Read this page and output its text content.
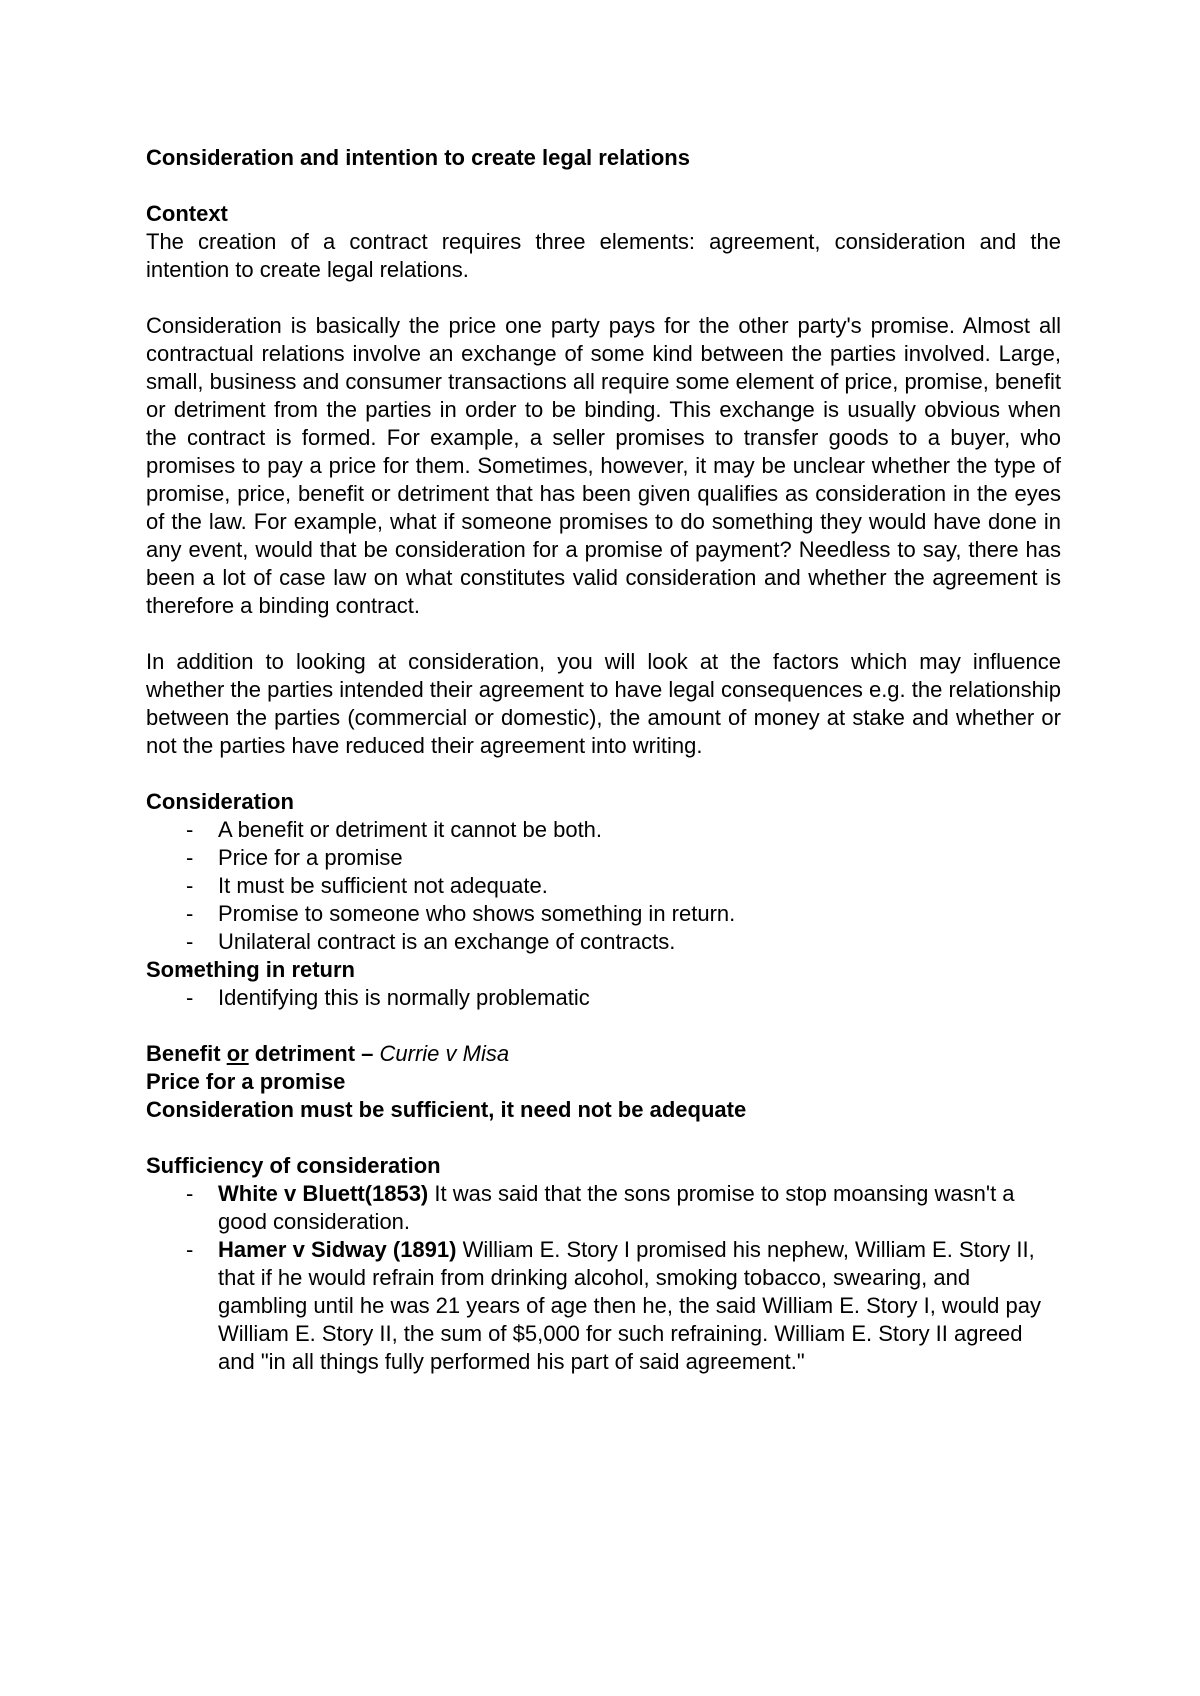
Consideration and intention to create legal relations

Context

The creation of a contract requires three elements: agreement, consideration and the intention to create legal relations.

Consideration is basically the price one party pays for the other party's promise. Almost all contractual relations involve an exchange of some kind between the parties involved. Large, small, business and consumer transactions all require some element of price, promise, benefit or detriment from the parties in order to be binding. This exchange is usually obvious when the contract is formed. For example, a seller promises to transfer goods to a buyer, who promises to pay a price for them. Sometimes, however, it may be unclear whether the type of promise, price, benefit or detriment that has been given qualifies as consideration in the eyes of the law. For example, what if someone promises to do something they would have done in any event, would that be consideration for a promise of payment? Needless to say, there has been a lot of case law on what constitutes valid consideration and whether the agreement is therefore a binding contract.

In addition to looking at consideration, you will look at the factors which may influence whether the parties intended their agreement to have legal consequences e.g. the relationship between the parties (commercial or domestic), the amount of money at stake and whether or not the parties have reduced their agreement into writing.

Consideration

- A benefit or detriment it cannot be both.
- Price for a promise
- It must be sufficient not adequate.
- Promise to someone who shows something in return.
- Unilateral contract is an exchange of contracts.

Something in return

- Identifying this is normally problematic

Benefit or detriment – Currie v Misa

Price for a promise

Consideration must be sufficient, it need not be adequate

Sufficiency of consideration

- White v Bluett(1853) It was said that the sons promise to stop moansing wasn't a good consideration.
- Hamer v Sidway (1891) William E. Story I promised his nephew, William E. Story II, that if he would refrain from drinking alcohol, smoking tobacco, swearing, and gambling until he was 21 years of age then he, the said William E. Story I, would pay William E. Story II, the sum of $5,000 for such refraining. William E. Story II agreed and "in all things fully performed his part of said agreement."
